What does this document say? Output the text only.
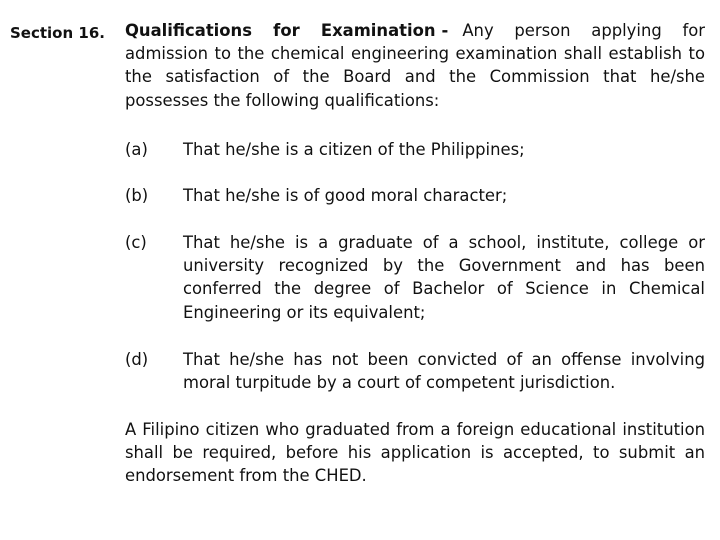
Section 16. Qualifications for Examination - Any person applying for admission to the chemical engineering examination shall establish to the satisfaction of the Board and the Commission that he/she possesses the following qualifications:
(a)	That he/she is a citizen of the Philippines;
(b)	That he/she is of good moral character;
(c)	That he/she is a graduate of a school, institute, college or university recognized by the Government and has been conferred the degree of Bachelor of Science in Chemical Engineering or its equivalent;
(d)	That he/she has not been convicted of an offense involving moral turpitude by a court of competent jurisdiction.
A Filipino citizen who graduated from a foreign educational institution shall be required, before his application is accepted, to submit an endorsement from the CHED.
